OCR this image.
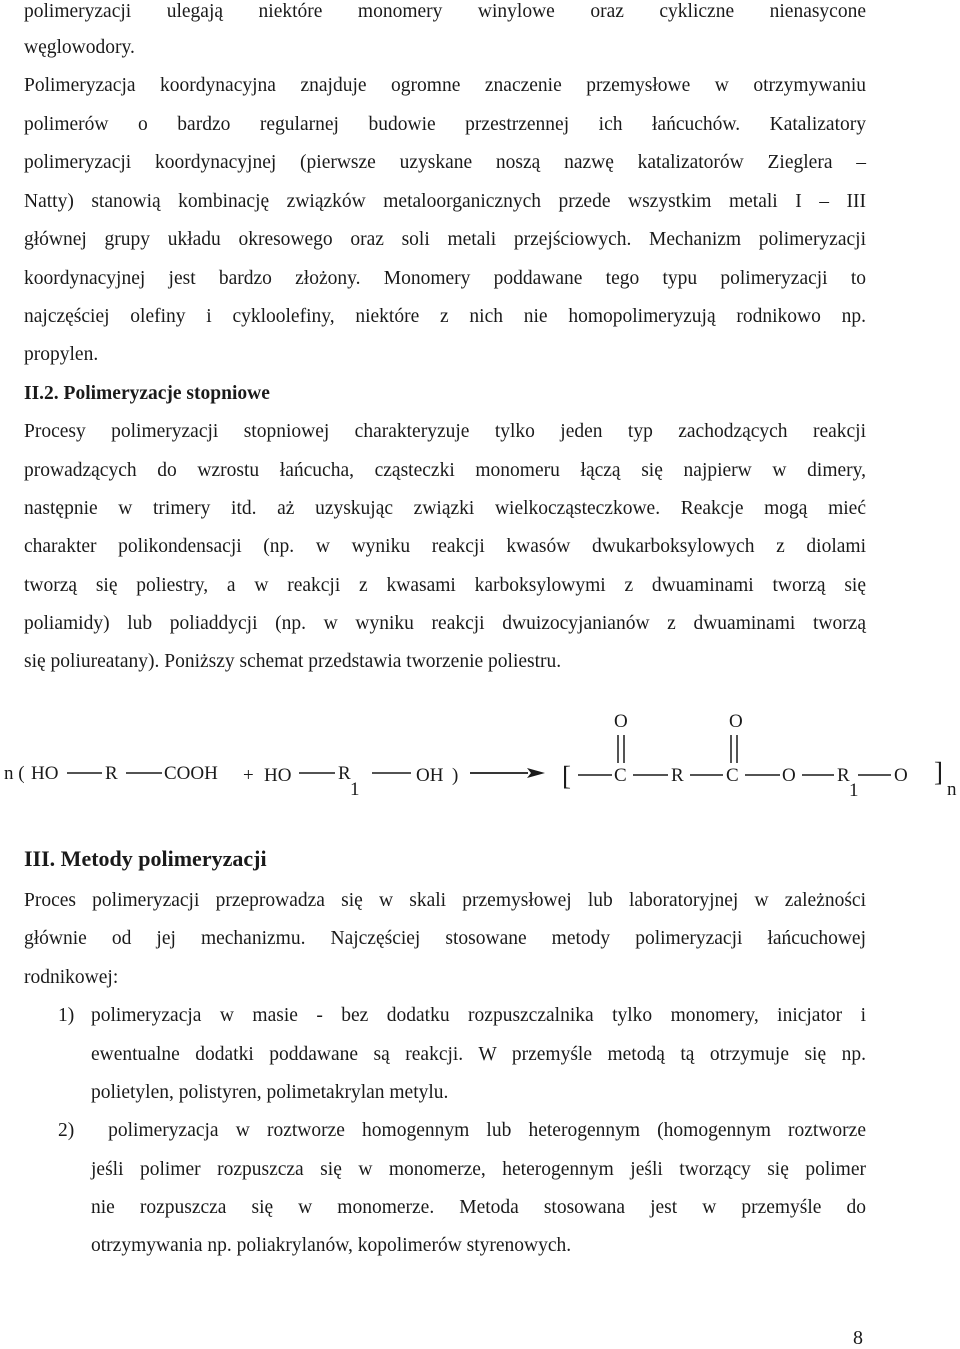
polimeryzacji ulegają niektóre monomery winylowe oraz cykliczne nienasycone
węglowodory.
Polimeryzacja koordynacyjna znajduje ogromne znaczenie przemysłowe w otrzymywaniu
polimerów o bardzo regularnej budowie przestrzennej ich łańcuchów. Katalizatory
polimeryzacji koordynacyjnej (pierwsze uzyskane noszą nazwę katalizatorów Zieglera –
Natty) stanowią kombinację związków metaloorganicznych przede wszystkim metali I – III
głównej grupy układu okresowego oraz soli metali przejściowych. Mechanizm polimeryzacji
koordynacyjnej jest bardzo złożony. Monomery poddawane tego typu polimeryzacji to
najczęściej olefiny i cykloolefiny, niektóre z nich nie homopolimeryzują rodnikowo np.
propylen.
II.2. Polimeryzacje stopniowe
Procesy polimeryzacji stopniowej charakteryzuje tylko jeden typ zachodzących reakcji
prowadzących do wzrostu łańcucha, cząsteczki monomeru łączą się najpierw w dimery,
następnie w trimery itd. aż uzyskując związki wielkocząsteczkowe. Reakcje mogą mieć
charakter polikondensacji (np. w wyniku reakcji kwasów dwukarboksylowych z diolami
tworzą się poliestry, a w reakcji z kwasami karboksylowymi z dwuaminami tworzą się
poliamidy) lub poliaddycji (np. w wyniku reakcji dwuizocyjanianów z dwuaminami tworzą
się poliureatany). Poniższy schemat przedstawia tworzenie poliestru.
n ( HO R COOH + HO R
1
OH )	[ C
O
R C
O
O R
1
O ]
n
III. Metody polimeryzacji
Proces polimeryzacji przeprowadza się w skali przemysłowej lub laboratoryjnej w zależności
głównie od jej mechanizmu. Najczęściej stosowane metody polimeryzacji łańcuchowej
rodnikowej:
1) polimeryzacja w masie - bez dodatku rozpuszczalnika tylko monomery, inicjator i
ewentualne dodatki poddawane są reakcji. W przemyśle metodą tą otrzymuje się np.
polietylen, polistyren, polimetakrylan metylu.
2) polimeryzacja w roztworze homogennym lub heterogennym (homogennym roztworze
jeśli polimer rozpuszcza się w monomerze, heterogennym jeśli tworzący się polimer
nie rozpuszcza się w monomerze. Metoda stosowana jest w przemyśle do
otrzymywania np. poliakrylanów, kopolimerów styrenowych.
8
